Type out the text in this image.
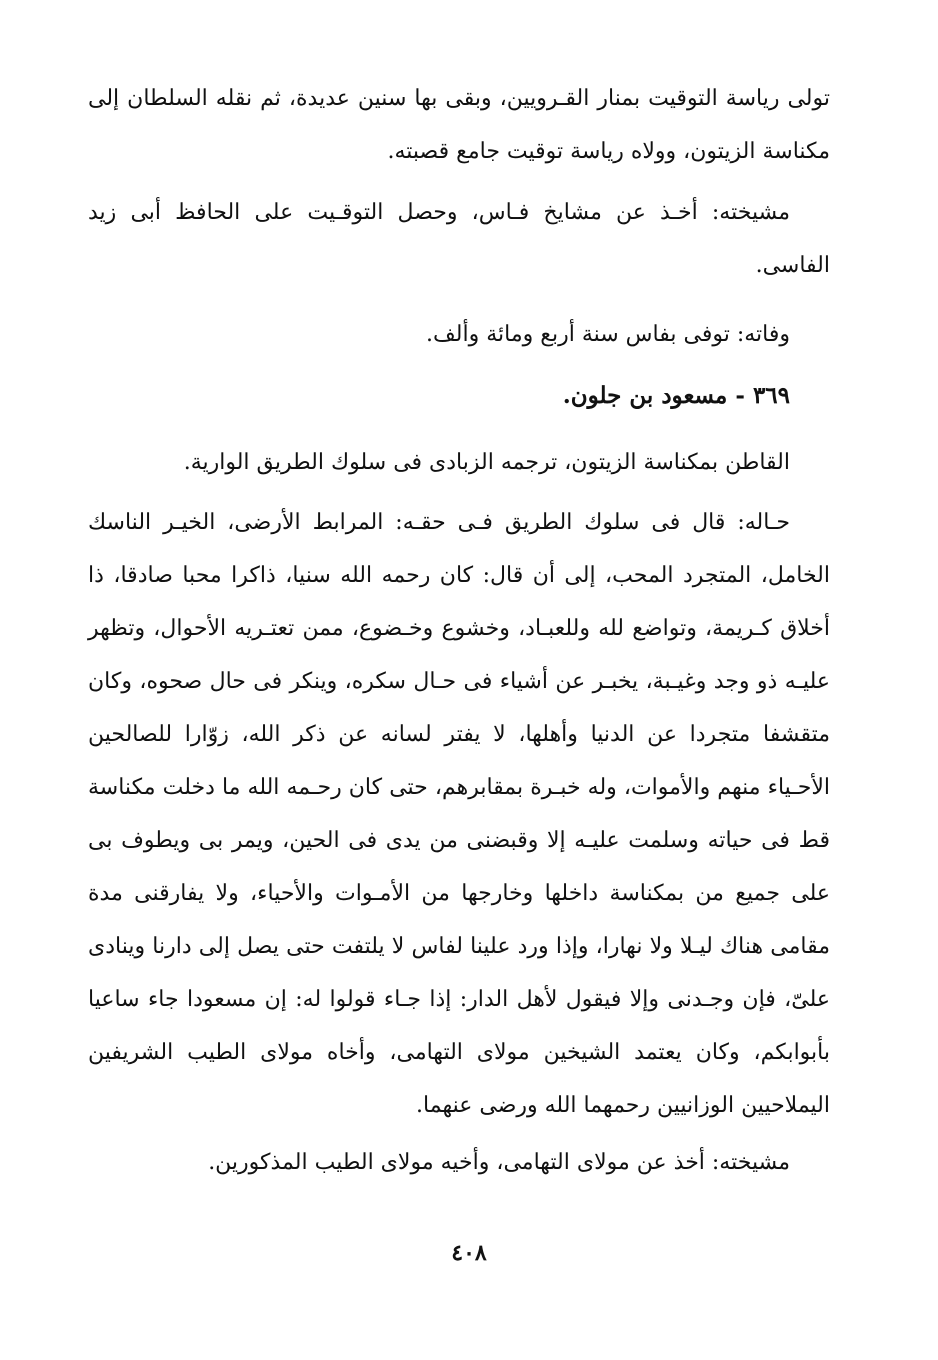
تولى رياسة التوقيت بمنار القـرويين، وبقى بها سنين عديدة، ثم نقله السلطان إلى مكناسة الزيتون، وولاه رياسة توقيت جامع قصبته.

مشيخته: أخـذ عن مشايخ فـاس، وحصل التوقـيت على الحافظ أبى زيد الفاسى.

وفاته: توفى بفاس سنة أربع ومائة وألف.

٣٦٩ - مسعود بن جلون.

القاطن بمكناسة الزيتون، ترجمه الزبادى فى سلوك الطريق الوارية.

حـاله: قال فى سلوك الطريق فـى حقـه: المرابط الأرضى، الخيـر الناسك الخامل، المتجرد المحب، إلى أن قال: كان رحمه الله سنيا، ذاكرا محبا صادقا، ذا أخلاق كـريمة، وتواضع لله وللعبـاد، وخشوع وخـضوع، ممن تعتـريه الأحوال، وتظهر عليـه ذو وجد وغيـبة، يخبـر عن أشياء فى حـال سكره، وينكر فى حال صحوه، وكان متقشفا متجردا عن الدنيا وأهلها، لا يفتر لسانه عن ذكر الله، زوّارا للصالحين الأحـياء منهم والأموات، وله خبـرة بمقابرهم، حتى كان رحـمه الله ما دخلت مكناسة قط فى حياته وسلمت عليـه إلا وقبضنى من يدى فى الحين، ويمر بى ويطوف بى على جميع من بمكناسة داخلها وخارجها من الأمـوات والأحياء، ولا يفارقنى مدة مقامى هناك ليـلا ولا نهارا، وإذا ورد علينا لفاس لا يلتفت حتى يصل إلى دارنا وينادى علىّ، فإن وجـدنى وإلا فيقول لأهل الدار: إذا جـاء قولوا له: إن مسعودا جاء ساعيا بأبوابكم، وكان يعتمد الشيخين مولاى التهامى، وأخاه مولاى الطيب الشريفين اليملاحيين الوزانيين رحمهما الله ورضى عنهما.

مشيخته: أخذ عن مولاى التهامى، وأخيه مولاى الطيب المذكورين.

٤٠٨
